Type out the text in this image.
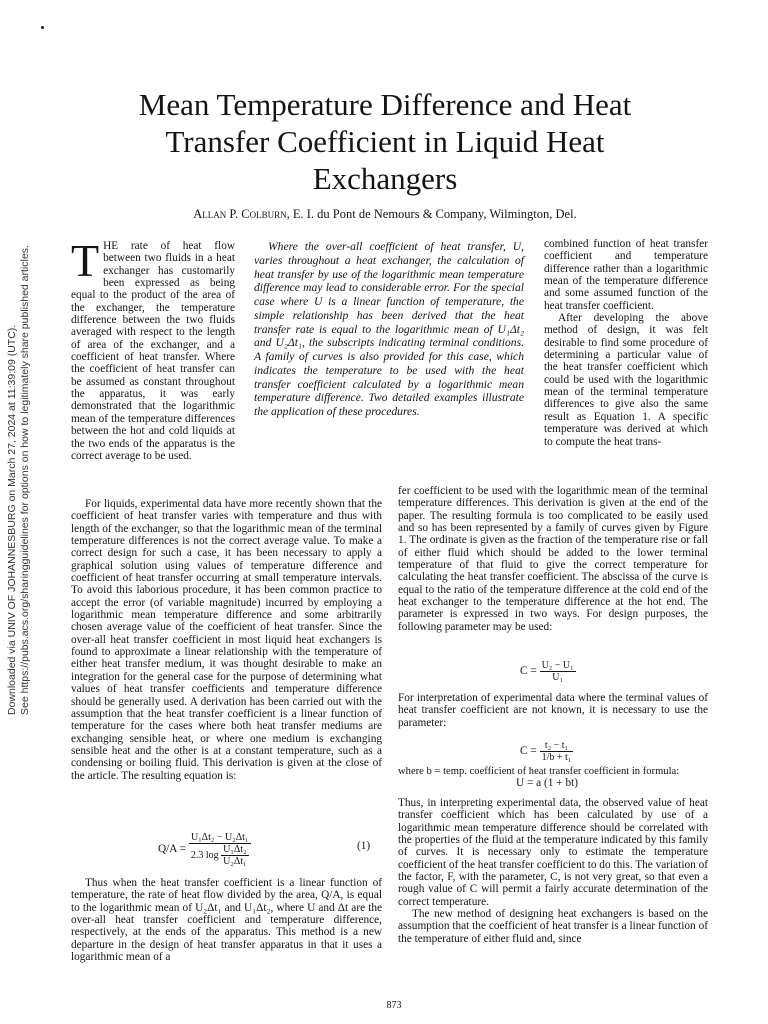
Downloaded via UNIV OF JOHANNESBURG on March 27, 2024 at 11:39:09 (UTC). See https://pubs.acs.org/sharingguidelines for options on how to legitimately share published articles.
Mean Temperature Difference and Heat
Transfer Coefficient in Liquid Heat
Exchangers
Allan P. Colburn, E. I. du Pont de Nemours & Company, Wilmington, Del.

THE rate of heat flow between two fluids in a heat exchanger has customarily been expressed as being equal to the product of the area of the exchanger, the temperature difference between the two fluids averaged with respect to the length of area of the exchanger, and a coefficient of heat transfer. Where the coefficient of heat transfer can be assumed as constant throughout the apparatus, it was early demonstrated that the logarithmic mean of the temperature differences between the hot and cold liquids at the two ends of the apparatus is the correct average to be used.

Where the over-all coefficient of heat transfer, U, varies throughout a heat exchanger, the calculation of heat transfer by use of the logarithmic mean temperature difference may lead to considerable error. For the special case where U is a linear function of temperature, the simple relationship has been derived that the heat transfer rate is equal to the logarithmic mean of U₁Δt₂ and U₂Δt₁, the subscripts indicating terminal conditions. A family of curves is also provided for this case, which indicates the temperature to be used with the heat transfer coefficient calculated by a logarithmic mean temperature difference. Two detailed examples illustrate the application of these procedures.

combined function of heat transfer coefficient and temperature difference rather than a logarithmic mean of the temperature difference and some assumed function of the heat transfer coefficient.

After developing the above method of design, it was felt desirable to find some procedure of determining a particular value of the heat transfer coefficient which could be used with the logarithmic mean of the terminal temperature differences to give also the same result as Equation 1. A specific temperature was derived at which to compute the heat trans-

For liquids, experimental data have more recently shown that the coefficient of heat transfer varies with temperature and thus with length of the exchanger, so that the logarithmic mean of the terminal temperature differences is not the correct average value. To make a correct design for such a case, it has been necessary to apply a graphical solution using values of temperature difference and coefficient of heat transfer occurring at small temperature intervals. To avoid this laborious procedure, it has been common practice to accept the error (of variable magnitude) incurred by employing a logarithmic mean temperature difference and some arbitrarily chosen average value of the coefficient of heat transfer. Since the over-all heat transfer coefficient in most liquid heat exchangers is found to approximate a linear relationship with the temperature of either heat transfer medium, it was thought desirable to make an integration for the general case for the purpose of determining what values of heat transfer coefficients and temperature difference should be generally used. A derivation has been carried out with the assumption that the heat transfer coefficient is a linear function of temperature for the cases where both heat transfer mediums are exchanging sensible heat, or where one medium is exchanging sensible heat and the other is at a constant temperature, such as a condensing or boiling fluid. This derivation is given at the close of the article. The resulting equation is:

$Q/A = \frac{\text{U₁Δt₂ − U₂Δt₁}}{2.3 \log \frac{\text{U₁Δt₂}}{\text{U₂Δt₁}}}$	(1)

Thus when the heat transfer coefficient is a linear function of temperature, the rate of heat flow divided by the area, Q/A, is equal to the logarithmic mean of U₂Δt₁ and U₁Δt₂, where U and Δt are the over-all heat transfer coefficient and temperature difference, respectively, at the ends of the apparatus. This method is a new departure in the design of heat transfer apparatus in that it uses a logarithmic mean of a

fer coefficient to be used with the logarithmic mean of the terminal temperature differences. This derivation is given at the end of the paper. The resulting formula is too complicated to be easily used and so has been represented by a family of curves given by Figure 1. The ordinate is given as the fraction of the temperature rise or fall of either fluid which should be added to the lower terminal temperature of that fluid to give the correct temperature for calculating the heat transfer coefficient. The abscissa of the curve is equal to the ratio of the temperature difference at the cold end of the heat exchanger to the temperature difference at the hot end. The parameter is expressed in two ways. For design purposes, the following parameter may be used:

$C = \frac{\text{U₂ − U₁}}{\text{U₁}}$

For interpretation of experimental data where the terminal values of heat transfer coefficient are not known, it is necessary to use the parameter:

$C = \frac{\text{t₂ − t₁}}{\text{1/b + t₁}}$
where b = temp. coefficient of heat transfer coefficient in formula:
U = a (1 + bt)

Thus, in interpreting experimental data, the observed value of heat transfer coefficient which has been calculated by use of a logarithmic mean temperature difference should be correlated with the properties of the fluid at the temperature indicated by this family of curves. It is necessary only to estimate the temperature coefficient of the heat transfer coefficient to do this. The variation of the factor, F, with the parameter, C, is not very great, so that even a rough value of C will permit a fairly accurate determination of the correct temperature.

The new method of designing heat exchangers is based on the assumption that the coefficient of heat transfer is a linear function of the temperature of either fluid and, since

873
